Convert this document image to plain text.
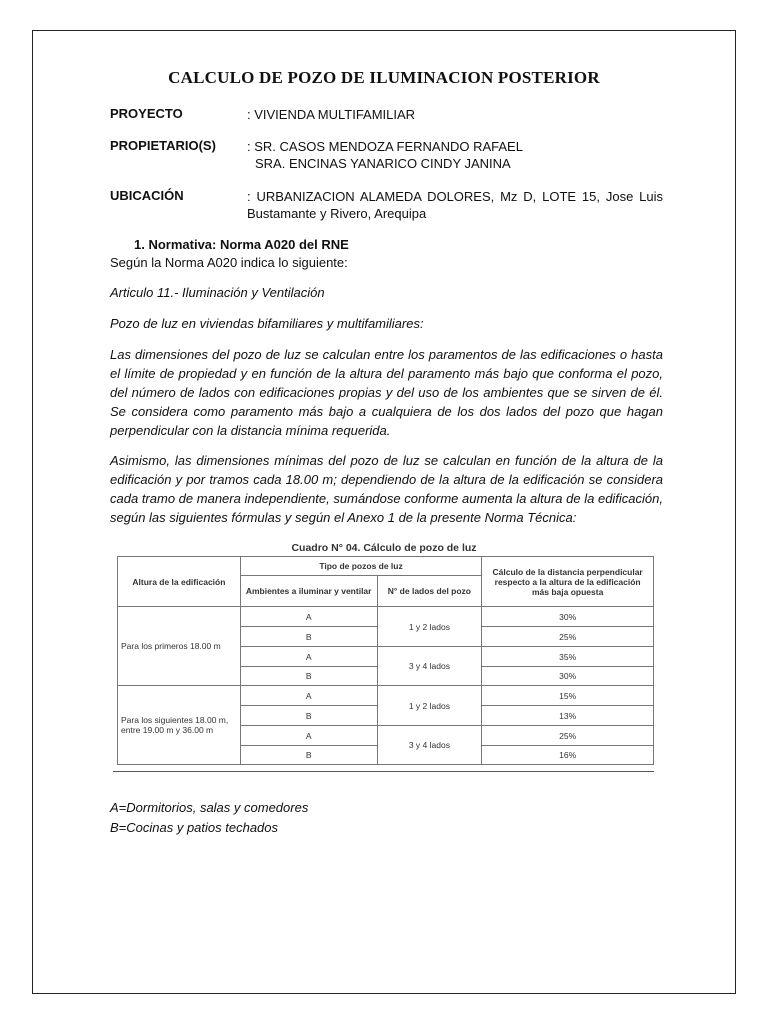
CALCULO DE POZO DE ILUMINACION POSTERIOR
PROYECTO	: VIVIENDA MULTIFAMILIAR
PROPIETARIO(S) : SR. CASOS MENDOZA FERNANDO RAFAEL
SRA. ENCINAS YANARICO CINDY JANINA
UBICACIÓN	: URBANIZACION ALAMEDA DOLORES, Mz D, LOTE 15, Jose Luis Bustamante y Rivero, Arequipa
1. Normativa: Norma A020 del RNE
Según la Norma A020 indica lo siguiente:
Articulo 11.- Iluminación y Ventilación
Pozo de luz en viviendas bifamiliares y multifamiliares:
Las dimensiones del pozo de luz se calculan entre los paramentos de las edificaciones o hasta el límite de propiedad y en función de la altura del paramento más bajo que conforma el pozo, del número de lados con edificaciones propias y del uso de los ambientes que se sirven de él. Se considera como paramento más bajo a cualquiera de los dos lados del pozo que hagan perpendicular con la distancia mínima requerida.
Asimismo, las dimensiones mínimas del pozo de luz se calculan en función de la altura de la edificación y por tramos cada 18.00 m; dependiendo de la altura de la edificación se considera cada tramo de manera independiente, sumándose conforme aumenta la altura de la edificación, según las siguientes fórmulas y según el Anexo 1 de la presente Norma Técnica:
Cuadro N° 04. Cálculo de pozo de luz
Altura de la edificación	Tipo de pozos de luz		Cálculo de la distancia perpendicular respecto a la altura de la edificación más baja opuesta
	Ambientes a iluminar y ventilar	N° de lados del pozo	
Para los primeros 18.00 m	A	1 y 2 lados	30%
	B		25%
	A	3 y 4 lados	35%
	B		30%
Para los siguientes 18.00 m, entre 19.00 m y 36.00 m	A	1 y 2 lados	15%
	B		13%
	A	3 y 4 lados	25%
	B		16%
A=Dormitorios, salas y comedores
B=Cocinas y patios techados
